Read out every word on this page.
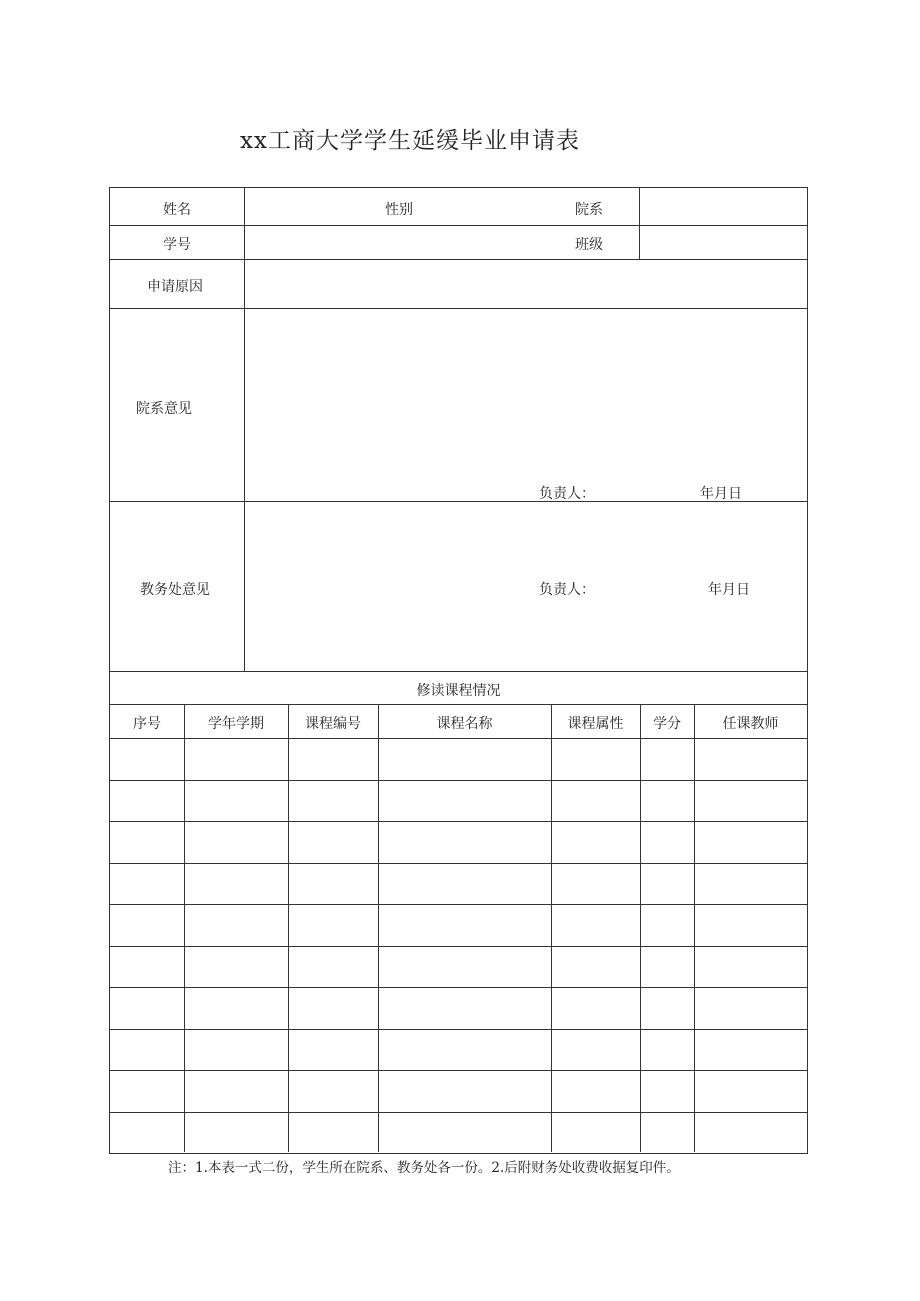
xx工商大学学生延缓毕业申请表
姓名	性别	院系
学号	班级
申请原因
院系意见
负责人：	年月日
教务处意见	负责人：	年月日
修读课程情况
序号	学年学期	课程编号	课程名称	课程属性	学分	任课教师
注：1.本表一式二份，学生所在院系、教务处各一份。2.后附财务处收费收据复印件。
